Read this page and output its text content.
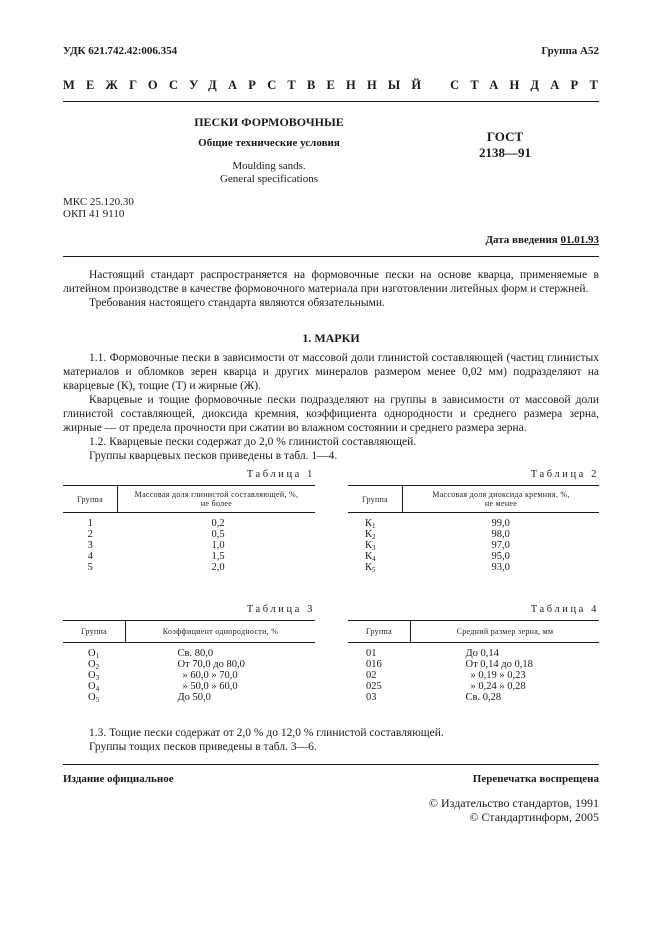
УДК 621.742.42:006.354	Группа А52
МЕЖГОСУДАРСТВЕННЫЙ СТАНДАРТ
ПЕСКИ ФОРМОВОЧНЫЕ
Общие технические условия
Moulding sands.
General specifications
ГОСТ
2138—91
МКС 25.120.30
ОКП 41 9110
Дата введения 01.01.93

Настоящий стандарт распространяется на формовочные пески на основе кварца, применяемые в литейном производстве в качестве формовочного материала при изготовлении литейных форм и стержней.

Требования настоящего стандарта являются обязательными.

1. МАРКИ

1.1. Формовочные пески в зависимости от массовой доли глинистой составляющей (частиц глинистых материалов и обломков зерен кварца и других минералов размером менее 0,02 мм) подразделяют на кварцевые (К), тощие (Т) и жирные (Ж).

Кварцевые и тощие формовочные пески подразделяют на группы в зависимости от массовой доли глинистой составляющей, диоксида кремния, коэффициента однородности и среднего размера зерна, жирные — от предела прочности при сжатии во влажном состоянии и среднего размера зерна.

1.2. Кварцевые пески содержат до 2,0 % глинистой составляющей.

Группы кварцевых песков приведены в табл. 1—4.

Таблица 1
Группа	Массовая доля глинистой составляющей, %,
не более

1	0,2
2	0,5
3	1,0
4	1,5
5	2,0
Таблица 2
Группа	Массовая доля диоксида кремния, %,
не менее

$К_1$	99,0
$К_2$	98,0
$К_3$	97,0
$К_4$	95,0
$К_5$	93,0
Таблица 3
Группа	Коэффициент однородности, %

$О_1$	Св. 80,0
$О_2$	От 70,0 до 80,0
$О_3$	» 60,0 » 70,0
$О_4$	» 50,0 » 60,0
$О_5$	До 50,0
Таблица 4
Группа	Средний размер зерна, мм

01	До 0,14
016	От 0,14 до 0,18
02	» 0,19 » 0,23
025	» 0,24 » 0,28
03	Св. 0,28

1.3. Тощие пески содержат от 2,0 % до 12,0 % глинистой составляющей.

Группы тощих песков приведены в табл. 3—6.

Издание официальное	Перепечатка воспрещена
© Издательство стандартов, 1991
© Стандартинформ, 2005
